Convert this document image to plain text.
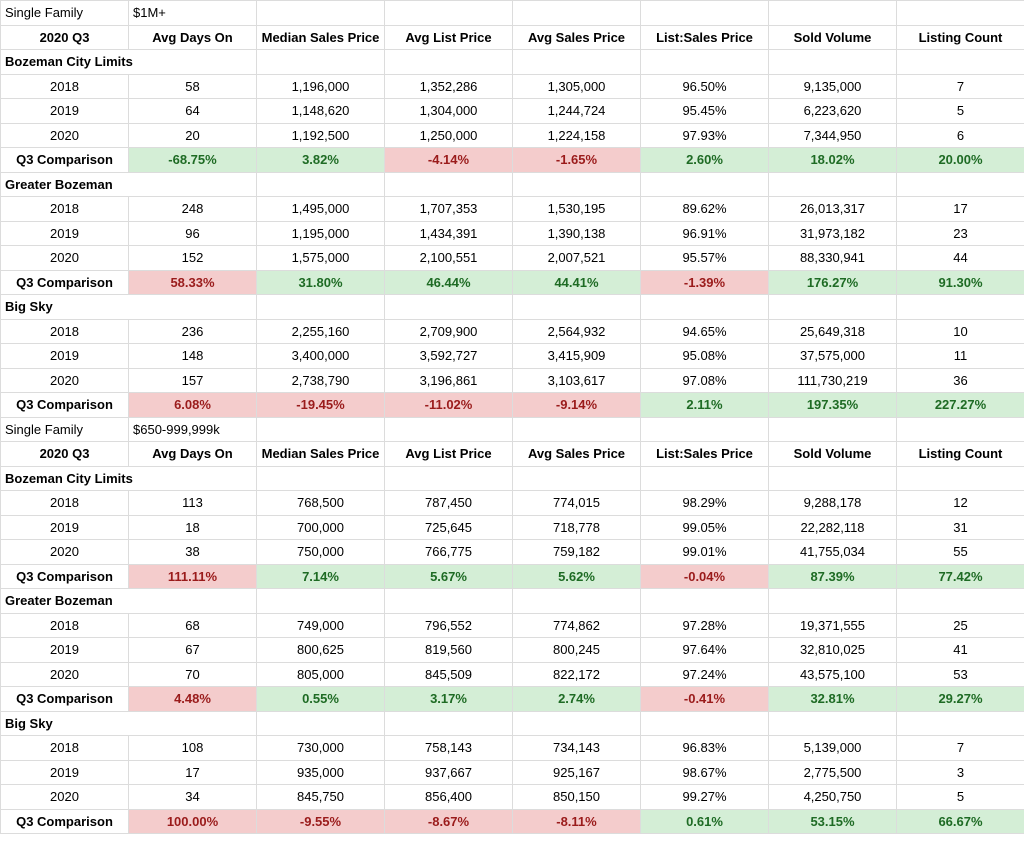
Single Family	$1M+						
2020 Q3	Avg Days On	Median Sales Price	Avg List Price	Avg Sales Price	List:Sales Price	Sold Volume	Listing Count
Bozeman City Limits							
2018	58	1,196,000	1,352,286	1,305,000	96.50%	9,135,000	7
2019	64	1,148,620	1,304,000	1,244,724	95.45%	6,223,620	5
2020	20	1,192,500	1,250,000	1,224,158	97.93%	7,344,950	6
Q3 Comparison	-68.75%	3.82%	-4.14%	-1.65%	2.60%	18.02%	20.00%
Greater Bozeman							
2018	248	1,495,000	1,707,353	1,530,195	89.62%	26,013,317	17
2019	96	1,195,000	1,434,391	1,390,138	96.91%	31,973,182	23
2020	152	1,575,000	2,100,551	2,007,521	95.57%	88,330,941	44
Q3 Comparison	58.33%	31.80%	46.44%	44.41%	-1.39%	176.27%	91.30%
Big Sky							
2018	236	2,255,160	2,709,900	2,564,932	94.65%	25,649,318	10
2019	148	3,400,000	3,592,727	3,415,909	95.08%	37,575,000	11
2020	157	2,738,790	3,196,861	3,103,617	97.08%	111,730,219	36
Q3 Comparison	6.08%	-19.45%	-11.02%	-9.14%	2.11%	197.35%	227.27%
Single Family	$650-999,999k						
2020 Q3	Avg Days On	Median Sales Price	Avg List Price	Avg Sales Price	List:Sales Price	Sold Volume	Listing Count
Bozeman City Limits							
2018	113	768,500	787,450	774,015	98.29%	9,288,178	12
2019	18	700,000	725,645	718,778	99.05%	22,282,118	31
2020	38	750,000	766,775	759,182	99.01%	41,755,034	55
Q3 Comparison	111.11%	7.14%	5.67%	5.62%	-0.04%	87.39%	77.42%
Greater Bozeman							
2018	68	749,000	796,552	774,862	97.28%	19,371,555	25
2019	67	800,625	819,560	800,245	97.64%	32,810,025	41
2020	70	805,000	845,509	822,172	97.24%	43,575,100	53
Q3 Comparison	4.48%	0.55%	3.17%	2.74%	-0.41%	32.81%	29.27%
Big Sky							
2018	108	730,000	758,143	734,143	96.83%	5,139,000	7
2019	17	935,000	937,667	925,167	98.67%	2,775,500	3
2020	34	845,750	856,400	850,150	99.27%	4,250,750	5
Q3 Comparison	100.00%	-9.55%	-8.67%	-8.11%	0.61%	53.15%	66.67%
